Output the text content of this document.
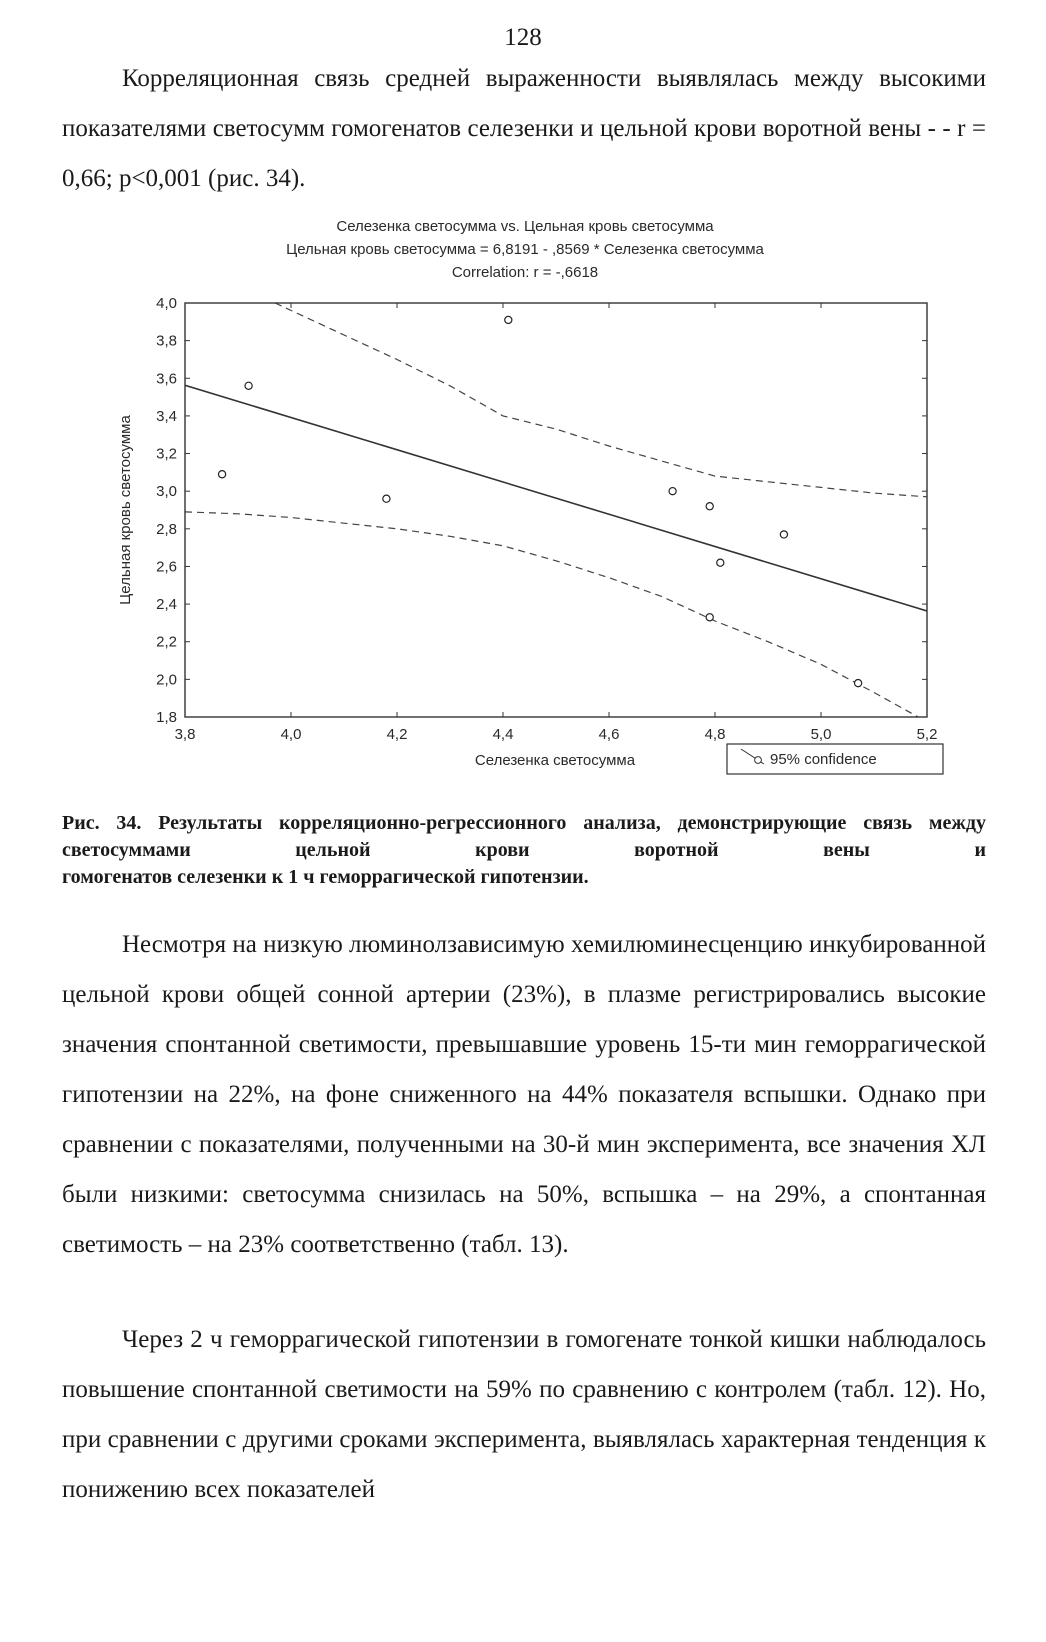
128

Корреляционная связь средней выраженности выявлялась между высокими показателями светосумм гомогенатов селезенки и цельной крови воротной вены - - r = 0,66; p<0,001 (рис. 34).

Селезенка светосумма vs. Цельная кровь светосумма
Цельная кровь светосумма = 6,8191 - ,8569 * Селезенка светосумма
Correlation: r = -,6618
3,8	4,0	4,2	4,4	4,6	4,8	5,0	5,2
1,8
2,0
2,2
2,4
2,6
2,8
3,0
3,2
3,4
3,6
3,8
4,0
Цельная кровь светосумма
Селезенка светосумма	95% confidence
Рис. 34. Результаты корреляционно-регрессионного анализа, демонстрирующие связь между светосуммами цельной крови воротной вены и
гомогенатов селезенки к 1 ч геморрагической гипотензии.

Несмотря на низкую люминолзависимую хемилюминесценцию инкубированной цельной крови общей сонной артерии (23%), в плазме регистрировались высокие значения спонтанной светимости, превышавшие уровень 15-ти мин геморрагической гипотензии на 22%, на фоне сниженного на 44% показателя вспышки. Однако при сравнении с показателями, полученными на 30-й мин эксперимента, все значения ХЛ были низкими: светосумма снизилась на 50%, вспышка – на 29%, а спонтанная светимость – на 23% соответственно (табл. 13).

Через 2 ч геморрагической гипотензии в гомогенате тонкой кишки наблюдалось повышение спонтанной светимости на 59% по сравнению с контролем (табл. 12). Но, при сравнении с другими сроками эксперимента, выявлялась характерная тенденция к понижению всех показателей
